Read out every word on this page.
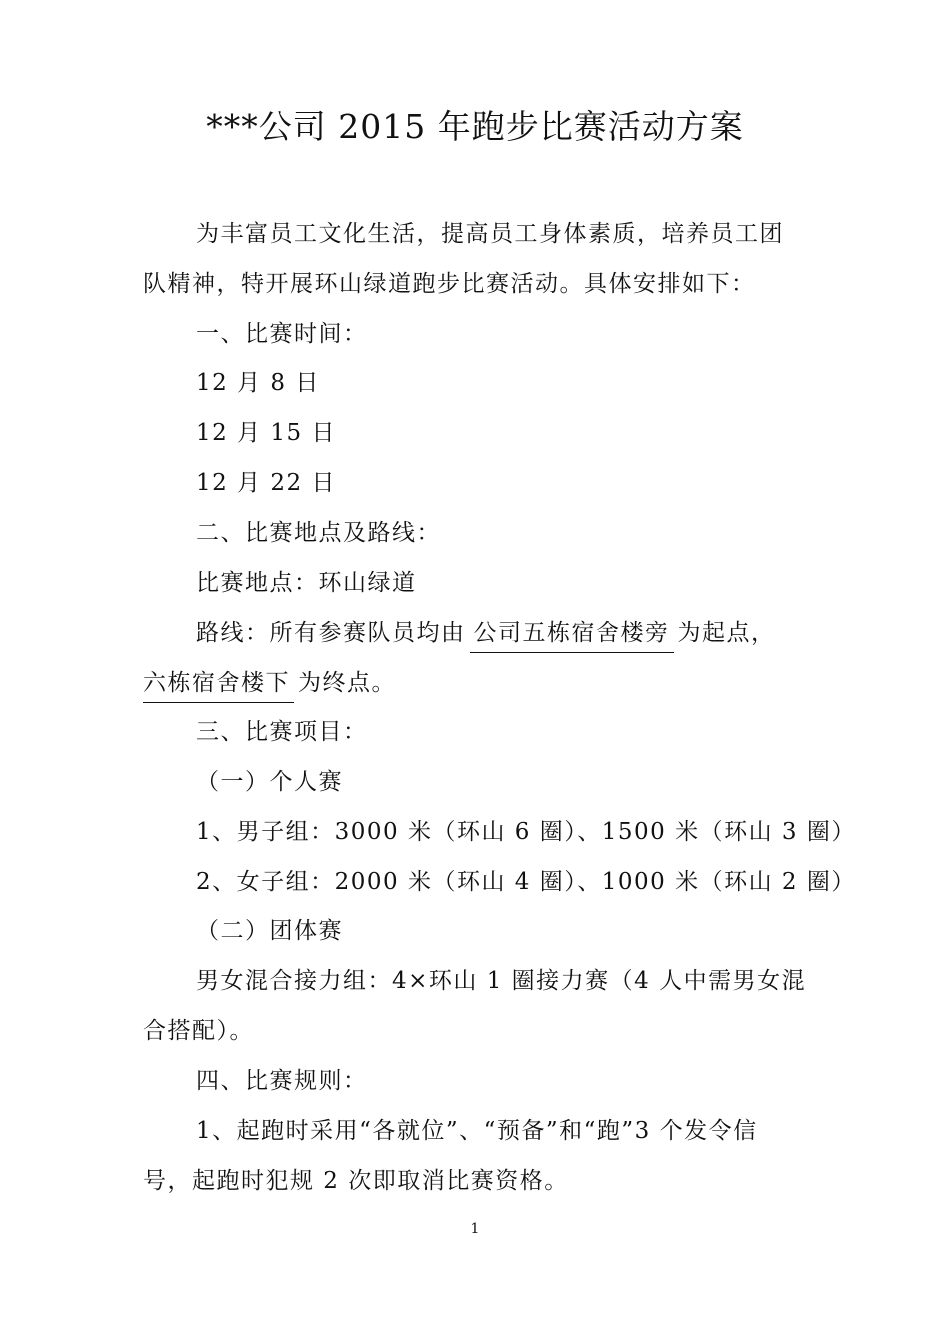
***公司 2015 年跑步比赛活动方案
为丰富员工文化生活，提高员工身体素质，培养员工团
队精神，特开展环山绿道跑步比赛活动。具体安排如下：
一、比赛时间：
12 月 8 日
12 月 15 日
12 月 22 日
二、比赛地点及路线：
比赛地点：环山绿道
路线：所有参赛队员均由 公司五栋宿舍楼旁 为起点，
六栋宿舍楼下 为终点。
三、比赛项目：
（一）个人赛
1、男子组：3000 米（环山 6 圈）、1500 米（环山 3 圈）
2、女子组：2000 米（环山 4 圈）、1000 米（环山 2 圈）
（二）团体赛
男女混合接力组：4×环山 1 圈接力赛（4 人中需男女混
合搭配）。
四、比赛规则：
1、起跑时采用“各就位”、“预备”和“跑”3 个发令信
号，起跑时犯规 2 次即取消比赛资格。
1
